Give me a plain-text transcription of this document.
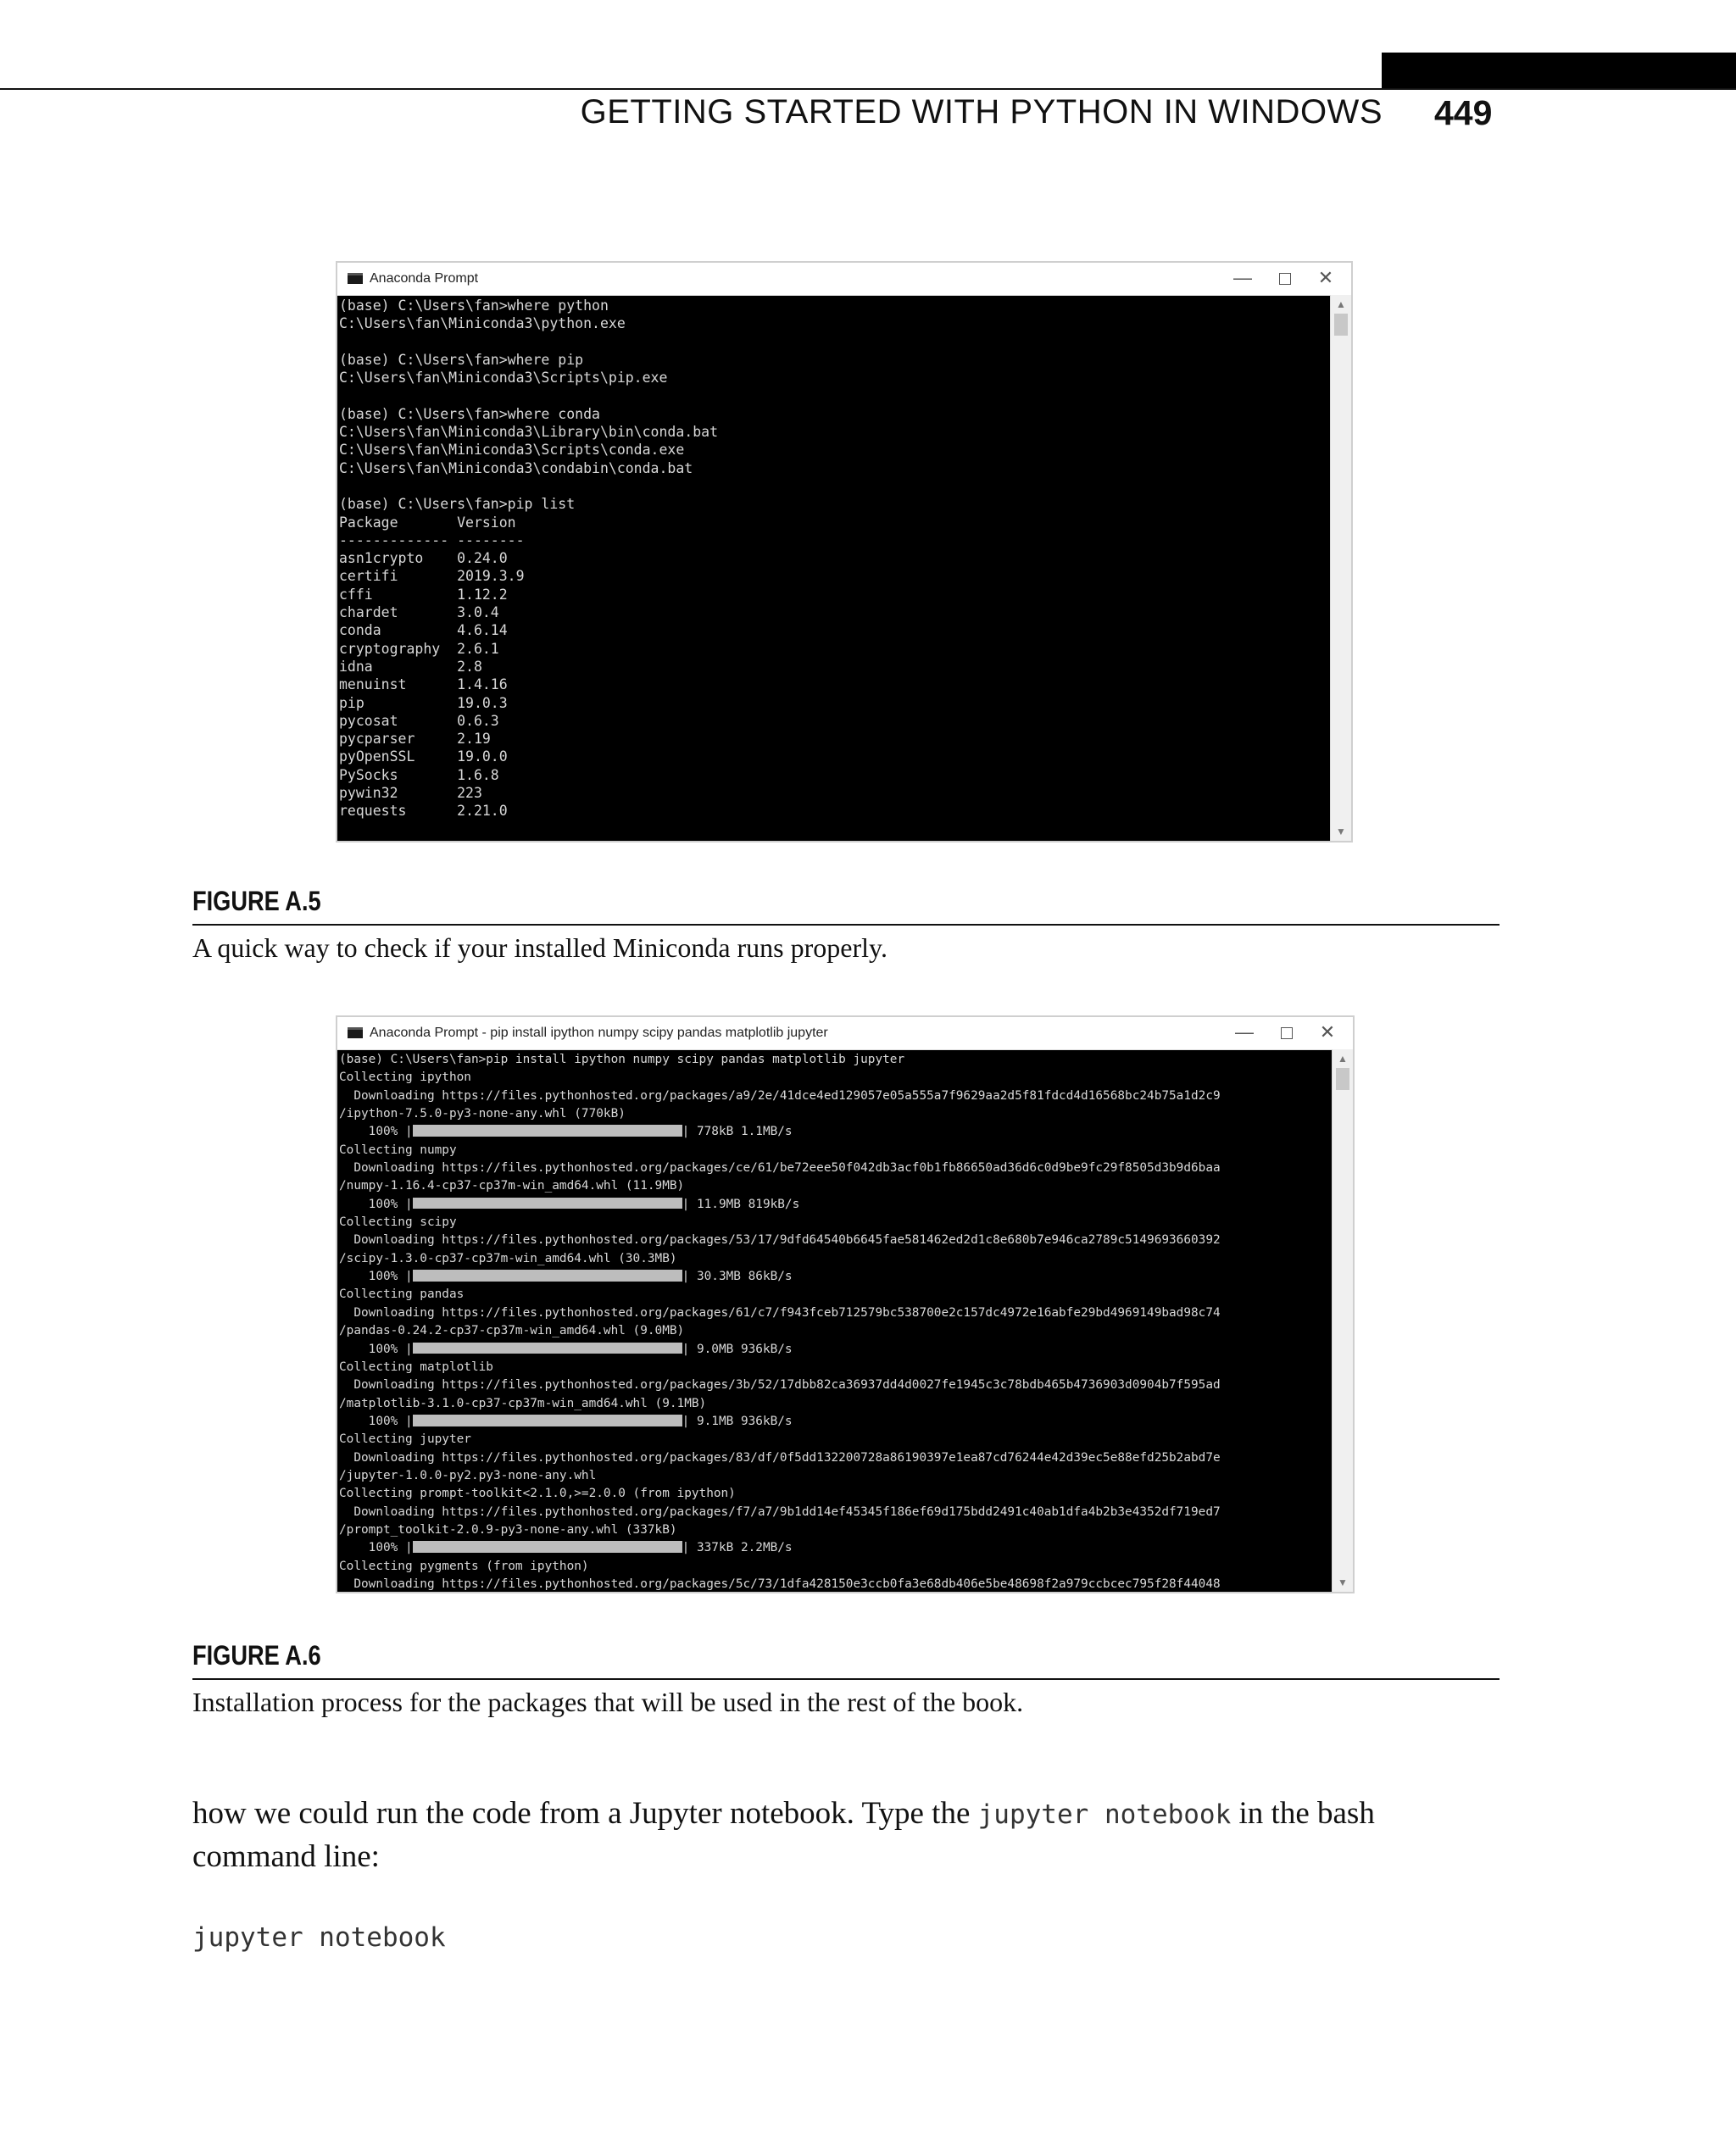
GETTING STARTED WITH PYTHON IN WINDOWS 449
Anaconda Prompt	—	✕
(base) C:\Users\fan>where python
C:\Users\fan\Miniconda3\python.exe

(base) C:\Users\fan>where pip
C:\Users\fan\Miniconda3\Scripts\pip.exe

(base) C:\Users\fan>where conda
C:\Users\fan\Miniconda3\Library\bin\conda.bat
C:\Users\fan\Miniconda3\Scripts\conda.exe
C:\Users\fan\Miniconda3\condabin\conda.bat

(base) C:\Users\fan>pip list
Package       Version
------------- --------
asn1crypto    0.24.0
certifi       2019.3.9
cffi          1.12.2
chardet       3.0.4
conda         4.6.14
cryptography  2.6.1
idna          2.8
menuinst      1.4.16
pip           19.0.3
pycosat       0.6.3
pycparser     2.19
pyOpenSSL     19.0.0
PySocks       1.6.8
pywin32       223
requests      2.21.0
▲
▼
FIGURE A.5
A quick way to check if your installed Miniconda runs properly.
Anaconda Prompt - pip install ipython numpy scipy pandas matplotlib jupyter	—	✕
(base) C:\Users\fan>pip install ipython numpy scipy pandas matplotlib jupyter
Collecting ipython
Downloading https://files.pythonhosted.org/packages/a9/2e/41dce4ed129057e05a555a7f9629aa2d5f81fdcd4d16568bc24b75a1d2c9
/ipython-7.5.0-py3-none-any.whl (770kB)
100% |	| 778kB 1.1MB/s
Collecting numpy
Downloading https://files.pythonhosted.org/packages/ce/61/be72eee50f042db3acf0b1fb86650ad36d6c0d9be9fc29f8505d3b9d6baa
/numpy-1.16.4-cp37-cp37m-win_amd64.whl (11.9MB)
100% |	| 11.9MB 819kB/s
Collecting scipy
Downloading https://files.pythonhosted.org/packages/53/17/9dfd64540b6645fae581462ed2d1c8e680b7e946ca2789c5149693660392
/scipy-1.3.0-cp37-cp37m-win_amd64.whl (30.3MB)
100% |	| 30.3MB 86kB/s
Collecting pandas
Downloading https://files.pythonhosted.org/packages/61/c7/f943fceb712579bc538700e2c157dc4972e16abfe29bd4969149bad98c74
/pandas-0.24.2-cp37-cp37m-win_amd64.whl (9.0MB)
100% |	| 9.0MB 936kB/s
Collecting matplotlib
Downloading https://files.pythonhosted.org/packages/3b/52/17dbb82ca36937dd4d0027fe1945c3c78bdb465b4736903d0904b7f595ad
/matplotlib-3.1.0-cp37-cp37m-win_amd64.whl (9.1MB)
100% |	| 9.1MB 936kB/s
Collecting jupyter
Downloading https://files.pythonhosted.org/packages/83/df/0f5dd132200728a86190397e1ea87cd76244e42d39ec5e88efd25b2abd7e
/jupyter-1.0.0-py2.py3-none-any.whl
Collecting prompt-toolkit<2.1.0,>=2.0.0 (from ipython)
Downloading https://files.pythonhosted.org/packages/f7/a7/9b1dd14ef45345f186ef69d175bdd2491c40ab1dfa4b2b3e4352df719ed7
/prompt_toolkit-2.0.9-py3-none-any.whl (337kB)
100% |	| 337kB 2.2MB/s
Collecting pygments (from ipython)
Downloading https://files.pythonhosted.org/packages/5c/73/1dfa428150e3ccb0fa3e68db406e5be48698f2a979ccbcec795f28f44048
▲
▼
FIGURE A.6
Installation process for the packages that will be used in the rest of the book.
how we could run the code from a Jupyter notebook. Type the jupyter notebook in the bash command line:
jupyter notebook
